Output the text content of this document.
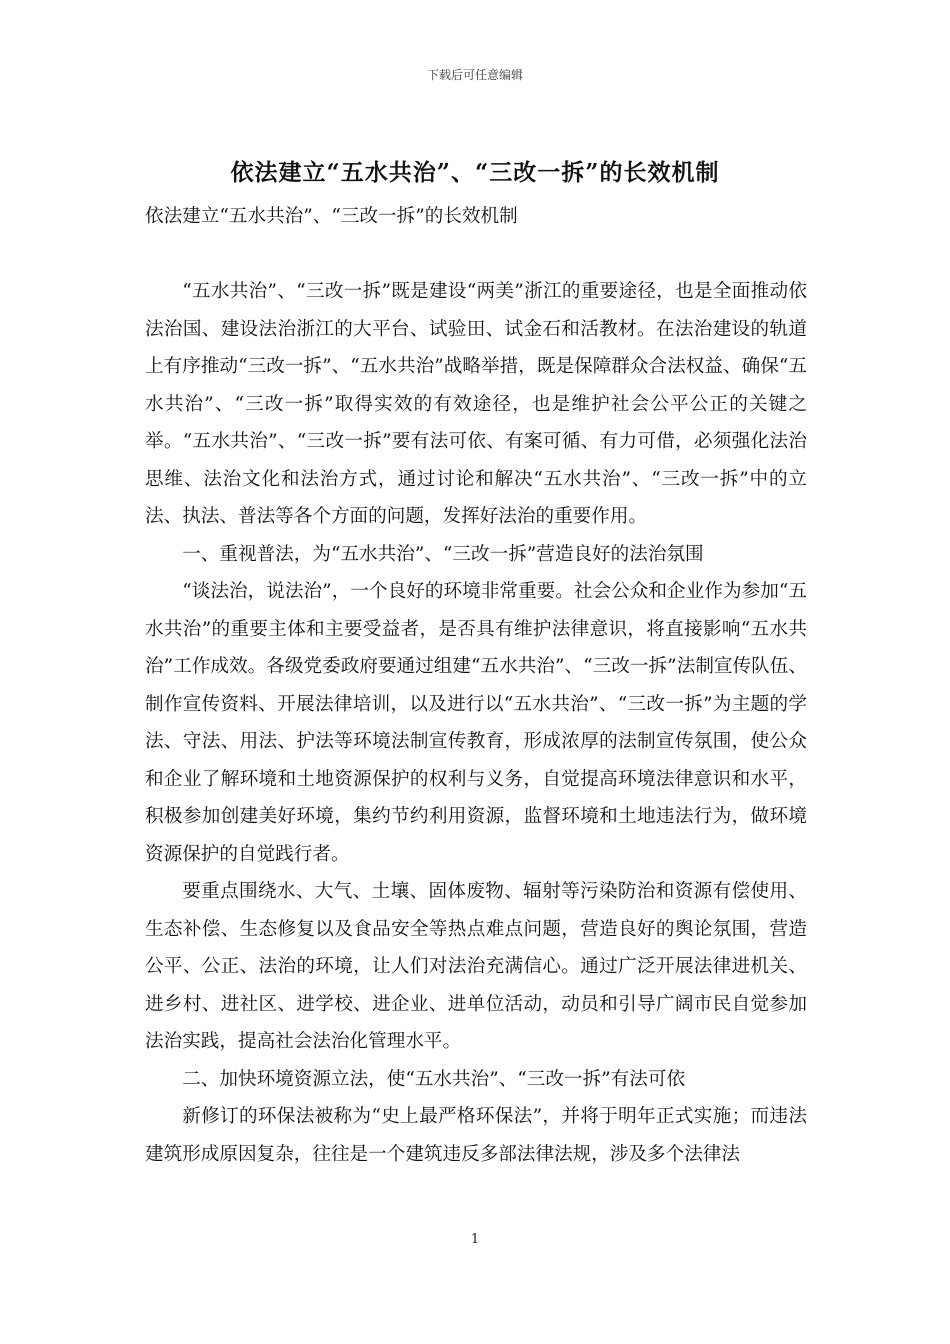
下载后可任意编辑
依法建立“五水共治”、“三改一拆”的长效机制

依法建立“五水共治”、“三改一拆”的长效机制

“五水共治”、“三改一拆”既是建设“两美”浙江的重要途径，也是全面推动依法治国、建设法治浙江的大平台、试验田、试金石和活教材。在法治建设的轨道上有序推动“三改一拆”、“五水共治”战略举措，既是保障群众合法权益、确保“五水共治”、“三改一拆”取得实效的有效途径，也是维护社会公平公正的关键之举。“五水共治”、“三改一拆”要有法可依、有案可循、有力可借，必须强化法治思维、法治文化和法治方式，通过讨论和解决“五水共治”、“三改一拆”中的立法、执法、普法等各个方面的问题，发挥好法治的重要作用。

一、重视普法，为“五水共治”、“三改一拆”营造良好的法治氛围

“谈法治，说法治”，一个良好的环境非常重要。社会公众和企业作为参加“五水共治”的重要主体和主要受益者，是否具有维护法律意识，将直接影响“五水共治”工作成效。各级党委政府要通过组建“五水共治”、“三改一拆”法制宣传队伍、制作宣传资料、开展法律培训，以及进行以“五水共治”、“三改一拆”为主题的学法、守法、用法、护法等环境法制宣传教育，形成浓厚的法制宣传氛围，使公众和企业了解环境和土地资源保护的权利与义务，自觉提高环境法律意识和水平，积极参加创建美好环境，集约节约利用资源，监督环境和土地违法行为，做环境资源保护的自觉践行者。

要重点围绕水、大气、土壤、固体废物、辐射等污染防治和资源有偿使用、生态补偿、生态修复以及食品安全等热点难点问题，营造良好的舆论氛围，营造公平、公正、法治的环境，让人们对法治充满信心。通过广泛开展法律进机关、进乡村、进社区、进学校、进企业、进单位活动，动员和引导广阔市民自觉参加法治实践，提高社会法治化管理水平。

二、加快环境资源立法，使“五水共治”、“三改一拆”有法可依

新修订的环保法被称为“史上最严格环保法”，并将于明年正式实施；而违法建筑形成原因复杂，往往是一个建筑违反多部法律法规，涉及多个法律法

1
